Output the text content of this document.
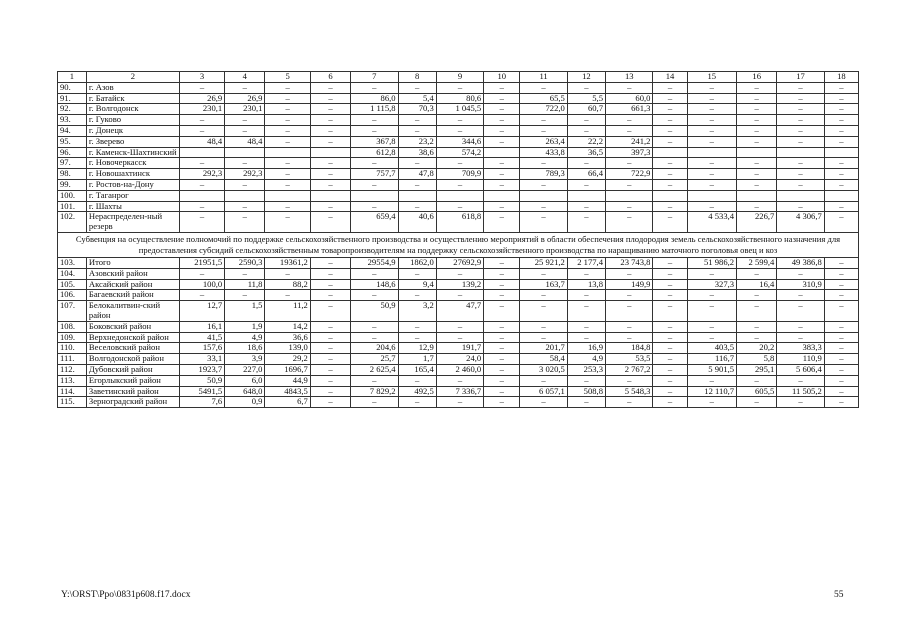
1	2	3	4	5	6	7	8	9	10	11	12	13	14	15	16	17	18
90.	г. Азов	–	–	–	–	–	–	–	–	–	–	–	–	–	–	–	–
91.	г. Батайск	26,9	26,9	–	–	86,0	5,4	80,6	–	65,5	5,5	60,0	–	–	–	–	–
92.	г. Волгодонск	230,1	230,1	–	–	1 115,8	70,3	1 045,5	–	722,0	60,7	661,3	–	–	–	–	–
93.	г. Гуково	–	–	–	–	–	–	–	–	–	–	–	–	–	–	–	–
94.	г. Донецк	–	–	–	–	–	–	–	–	–	–	–	–	–	–	–	–
95.	г. Зверево	48,4	48,4	–	–	367,8	23,2	344,6	–	263,4	22,2	241,2	–	–	–	–	–
96.	г. Каменск-Шахтинский					612,8	38,6	574,2		433,8	36,5	397,3					
97.	г. Новочеркасск	–	–	–	–	–	–	–	–	–	–	–	–	–	–	–	–
98.	г. Новошахтинск	292,3	292,3	–	–	757,7	47,8	709,9	–	789,3	66,4	722,9	–	–	–	–	–
99.	г. Ростов-на-Дону	–	–	–	–	–	–	–	–	–	–	–	–	–	–	–	–
100.	г. Таганрог																
101.	г. Шахты	–	–	–	–	–	–	–	–	–	–	–	–	–	–	–	–
102.	Нераспределен-ный резерв	–	–	–	–	659,4	40,6	618,8	–	–	–	–	–	4 533,4	226,7	4 306,7	–
Субвенция на осуществление полномочий по поддержке сельскохозяйственного производства и осуществлению мероприятий в области обеспечения плодородия земель сельскохозяйственного назначения для предоставления субсидий сельскохозяйственным товаропроизводителям на поддержку сельскохозяйственного производства по наращиванию маточного поголовья овец и коз																	
103.	Итого	21951,5	2590,3	19361,2	–	29554,9	1862,0	27692,9	–	25 921,2	2 177,4	23 743,8	–	51 986,2	2 599,4	49 386,8	–
104.	Азовский район	–	–	–	–	–	–	–	–	–	–	–	–	–	–	–	–
105.	Аксайский район	100,0	11,8	88,2	–	148,6	9,4	139,2	–	163,7	13,8	149,9	–	327,3	16,4	310,9	–
106.	Багаевский район	–	–	–	–	–	–	–	–	–	–	–	–	–	–	–	–
107.	Белокалитвин-ский район	12,7	1,5	11,2	–	50,9	3,2	47,7	–	–	–	–	–	–	–	–	–
108.	Боковский район	16,1	1,9	14,2	–	–	–	–	–	–	–	–	–	–	–	–	–
109.	Верхнедонской район	41,5	4,9	36,6	–	–	–	–	–	–	–	–	–	–	–	–	–
110.	Веселовский район	157,6	18,6	139,0	–	204,6	12,9	191,7	–	201,7	16,9	184,8	–	403,5	20,2	383,3	–
111.	Волгодонской район	33,1	3,9	29,2	–	25,7	1,7	24,0	–	58,4	4,9	53,5	–	116,7	5,8	110,9	–
112.	Дубовский район	1923,7	227,0	1696,7	–	2 625,4	165,4	2 460,0	–	3 020,5	253,3	2 767,2	–	5 901,5	295,1	5 606,4	–
113.	Егорлыкский район	50,9	6,0	44,9	–	–	–	–	–	–	–	–	–	–	–	–	–
114.	Заветинский район	5491,5	648,0	4843,5	–	7 829,2	492,5	7 336,7	–	6 057,1	508,8	5 548,3	–	12 110,7	605,5	11 505,2	–
115.	Зерноградский район	7,6	0,9	6,7	–	–	–	–	–	–	–	–	–	–	–	–	–
Y:\ORST\Ppo\0831p608.f17.docx	55
